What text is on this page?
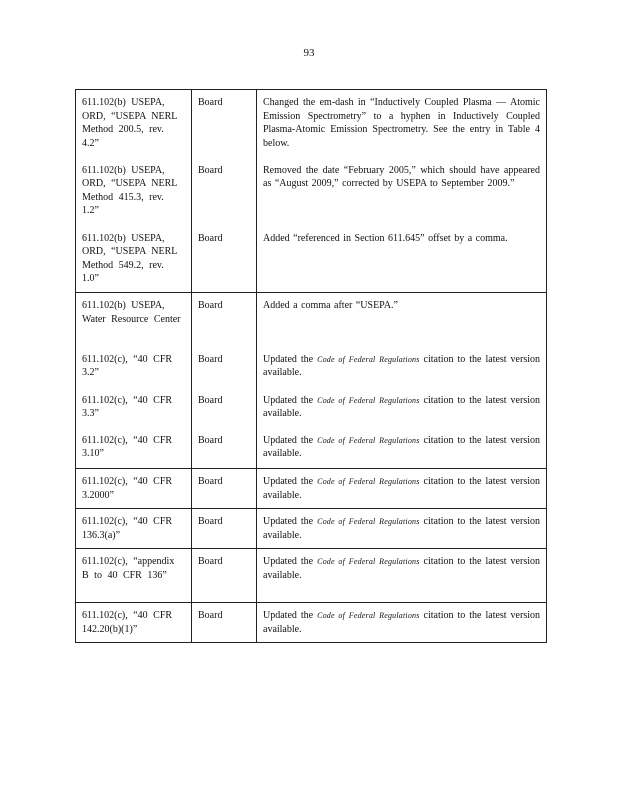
93
611.102(b) USEPA, ORD, “USEPA NERL Method 200.5, rev. 4.2”	Board	Changed the em-dash in “Inductively Coupled Plasma — Atomic Emission Spectrometry” to a hyphen in Inductively Coupled Plasma-Atomic Emission Spectrometry. See the entry in Table 4 below.
611.102(b) USEPA, ORD, “USEPA NERL Method 415.3, rev. 1.2”	Board	Removed the date “February 2005,” which should have appeared as “August 2009,” corrected by USEPA to September 2009.”
611.102(b) USEPA, ORD, “USEPA NERL Method 549.2, rev. 1.0”	Board	Added “referenced in Section 611.645” offset by a comma.
611.102(b) USEPA, Water Resource Center	Board	Added a comma after “USEPA.”
611.102(c), “40 CFR 3.2”	Board	Updated the Code of Federal Regulations citation to the latest version available.
611.102(c), “40 CFR 3.3”	Board	Updated the Code of Federal Regulations citation to the latest version available.
611.102(c), “40 CFR 3.10”	Board	Updated the Code of Federal Regulations citation to the latest version available.
611.102(c), “40 CFR 3.2000”	Board	Updated the Code of Federal Regulations citation to the latest version available.
611.102(c), “40 CFR 136.3(a)”	Board	Updated the Code of Federal Regulations citation to the latest version available.
611.102(c), “appendix B to 40 CFR 136”	Board	Updated the Code of Federal Regulations citation to the latest version available.
611.102(c), “40 CFR 142.20(b)(1)”	Board	Updated the Code of Federal Regulations citation to the latest version available.
